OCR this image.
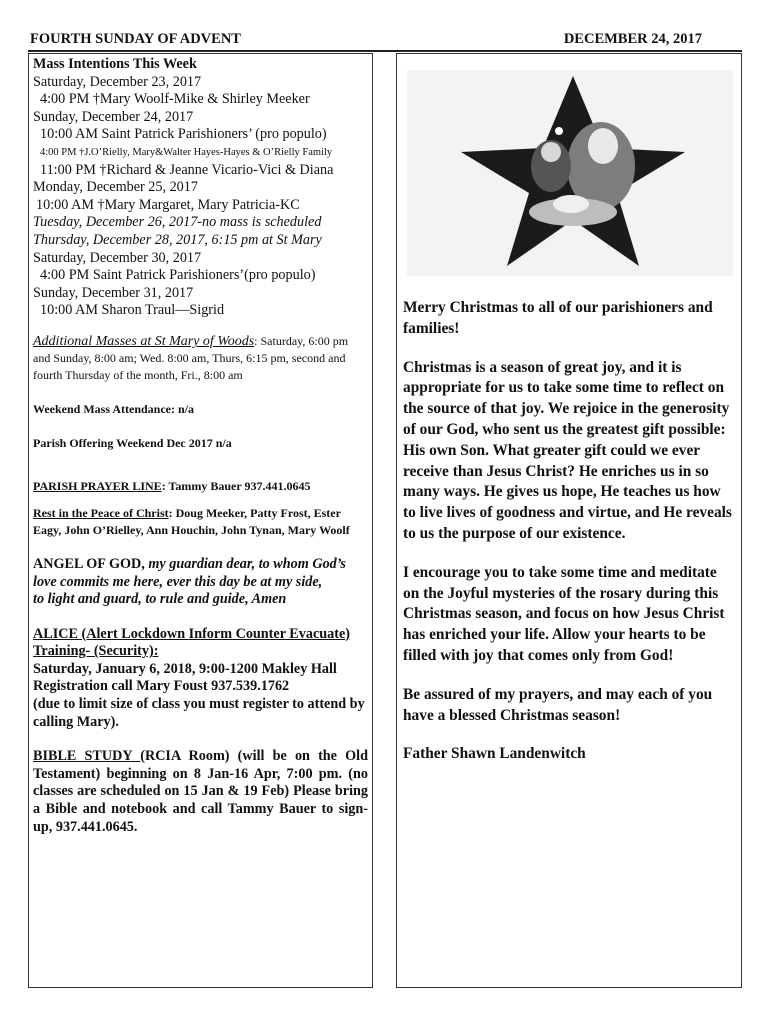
FOURTH SUNDAY OF ADVENT	DECEMBER 24, 2017

Mass Intentions This Week

Saturday, December 23, 2017

4:00 PM †Mary Woolf-Mike & Shirley Meeker

Sunday, December 24, 2017

10:00 AM Saint Patrick Parishioners’ (pro populo)

4:00 PM †J.O’Rielly, Mary&Walter Hayes-Hayes & O’Rielly Family

11:00 PM †Richard & Jeanne Vicario-Vici & Diana

Monday, December 25, 2017

10:00 AM †Mary Margaret, Mary Patricia-KC

Tuesday, December 26, 2017-no mass is scheduled

Thursday, December 28, 2017, 6:15 pm at St Mary

Saturday, December 30, 2017

4:00 PM Saint Patrick Parishioners’(pro populo)

Sunday, December 31, 2017

10:00 AM Sharon Traul—Sigrid

Additional Masses at St Mary of Woods: Saturday, 6:00 pm and Sunday, 8:00 am; Wed. 8:00 am, Thurs, 6:15 pm, second and fourth Thursday of the month, Fri., 8:00 am

Weekend Mass Attendance: n/a

Parish Offering Weekend Dec 2017 n/a

PARISH PRAYER LINE: Tammy Bauer 937.441.0645

Rest in the Peace of Christ: Doug Meeker, Patty Frost, Ester Eagy, John O’Rielley, Ann Houchin, John Tynan, Mary Woolf

ANGEL OF GOD, my guardian dear, to whom God’s love commits me here, ever this day be at my side,

to light and guard, to rule and guide, Amen

ALICE (Alert Lockdown Inform Counter Evacuate) Training- (Security):

Saturday, January 6, 2018, 9:00-1200 Makley Hall

Registration call Mary Foust 937.539.1762

(due to limit size of class you must register to attend by calling Mary).

BIBLE STUDY (RCIA Room) (will be on the Old Testament) beginning on 8 Jan-16 Apr, 7:00 pm. (no classes are scheduled on 15 Jan & 19 Feb) Please bring a Bible and notebook and call Tammy Bauer to sign-up, 937.441.0645.

Merry Christmas to all of our parishioners and families!

Christmas is a season of great joy, and it is appropriate for us to take some time to reflect on the source of that joy. We rejoice in the generosity of our God, who sent us the greatest gift possible: His own Son. What greater gift could we ever receive than Jesus Christ? He enriches us in so many ways. He gives us hope, He teaches us how to live lives of goodness and virtue, and He reveals to us the purpose of our existence.

I encourage you to take some time and meditate on the Joyful mysteries of the rosary during this Christmas season, and focus on how Jesus Christ has enriched your life. Allow your hearts to be filled with joy that comes only from God!

Be assured of my prayers, and may each of you have a blessed Christmas season!

Father Shawn Landenwitch
